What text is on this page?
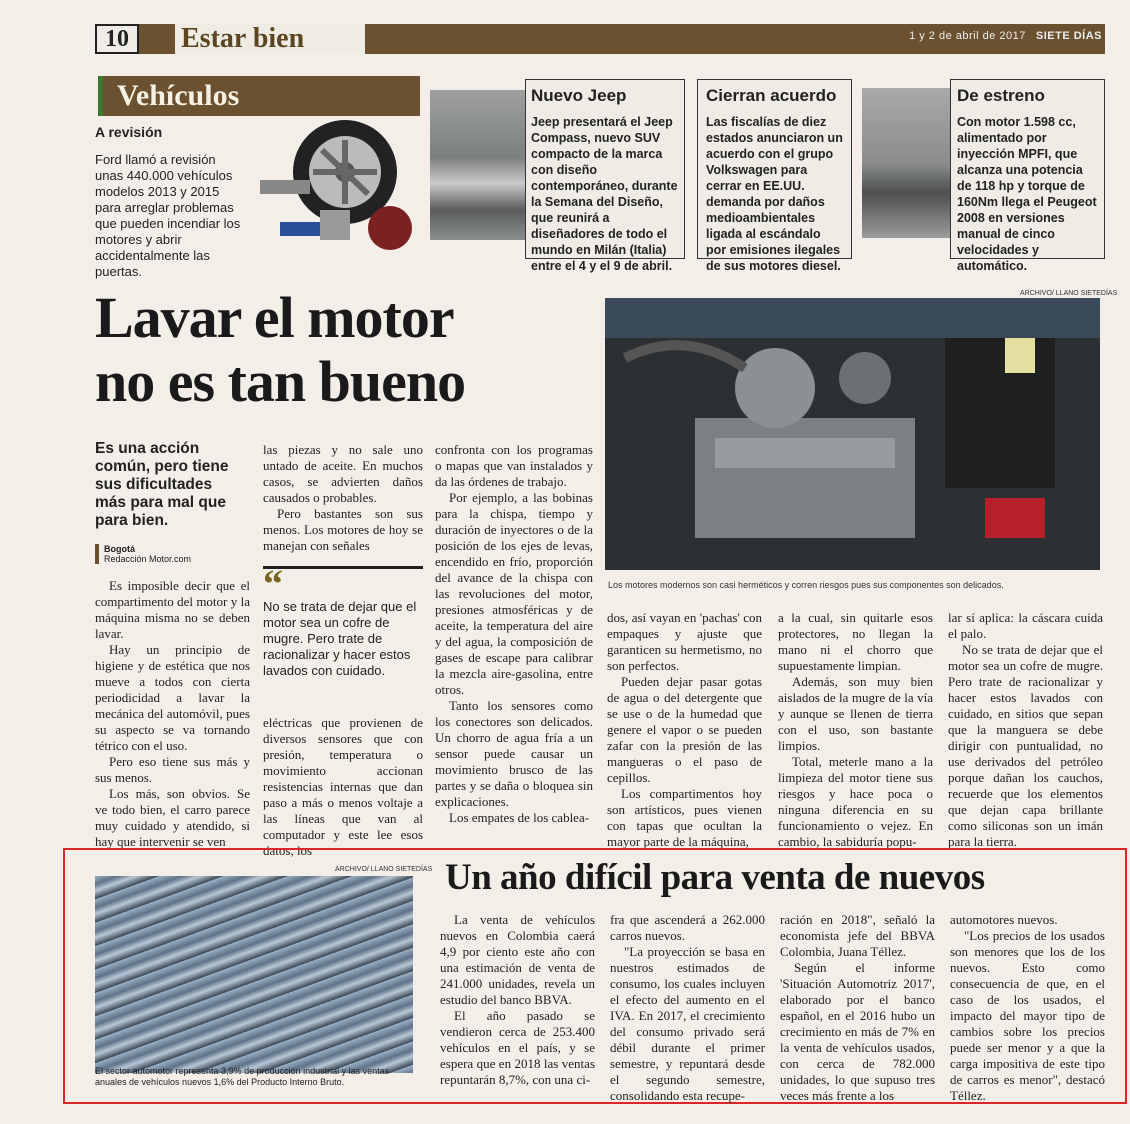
10	Estar bien	1 y 2 de abril de 2017 SIETE DÍAS
Vehículos
A revisión
Ford llamó a revisión unas 440.000 vehículos modelos 2013 y 2015 para arreglar problemas que pueden incendiar los motores y abrir accidentalmente las puertas.
Nuevo Jeep

Jeep presentará el Jeep Compass, nuevo SUV compacto de la marca con diseño contemporáneo, durante la Semana del Diseño, que reunirá a diseñadores de todo el mundo en Milán (Italia) entre el 4 y el 9 de abril.

Cierran acuerdo

Las fiscalías de diez estados anunciaron un acuerdo con el grupo Volkswagen para cerrar en EE.UU. demanda por daños medioambientales ligada al escándalo por emisiones ilegales de sus motores diesel.

De estreno

Con motor 1.598 cc, alimentado por inyección MPFI, que alcanza una potencia de 118 hp y torque de 160Nm llega el Peugeot 2008 en versiones manual de cinco velocidades y automático.

Lavar el motor
no es tan bueno
ARCHIVO/ LLANO SIETEDÍAS
Los motores modernos son casi herméticos y corren riesgos pues sus componentes son delicados.
Es una acción común, pero tiene sus dificultades más para mal que para bien.
Bogotá
Redacción Motor.com

Es imposible decir que el compartimento del motor y la máquina misma no se deben lavar.

Hay un principio de higiene y de estética que nos mueve a todos con cierta periodicidad a lavar la mecánica del automóvil, pues su aspecto se va tornando tétrico con el uso.

Pero eso tiene sus más y sus menos.

Los más, son obvios. Se ve todo bien, el carro parece muy cuidado y atendido, si hay que intervenir se ven

las piezas y no sale uno untado de aceite. En muchos casos, se advierten daños causados o probables.

Pero bastantes son sus menos. Los motores de hoy se manejan con señales

“
No se trata de dejar que el motor sea un cofre de mugre. Pero trate de racionalizar y hacer estos lavados con cuidado.

eléctricas que provienen de diversos sensores que con presión, temperatura o movimiento accionan resistencias internas que dan paso a más o menos voltaje a las líneas que van al computador y este lee esos datos, los

confronta con los programas o mapas que van instalados y da las órdenes de trabajo.

Por ejemplo, a las bobinas para la chispa, tiempo y duración de inyectores o de la posición de los ejes de levas, encendido en frío, proporción del avance de la chispa con las revoluciones del motor, presiones atmosféricas y de aceite, la temperatura del aire y del agua, la composición de gases de escape para calibrar la mezcla aire-gasolina, entre otros.

Tanto los sensores como los conectores son delicados. Un chorro de agua fría a un sensor puede causar un movimiento brusco de las partes y se daña o bloquea sin explicaciones.

Los empates de los cablea-

dos, así vayan en 'pachas' con empaques y ajuste que garanticen su hermetismo, no son perfectos.

Pueden dejar pasar gotas de agua o del detergente que se use o de la humedad que genere el vapor o se pueden zafar con la presión de las mangueras o el paso de cepillos.

Los compartimentos hoy son artísticos, pues vienen con tapas que ocultan la mayor parte de la máquina,

a la cual, sin quitarle esos protectores, no llegan la mano ni el chorro que supuestamente limpian.

Además, son muy bien aislados de la mugre de la vía y aunque se llenen de tierra con el uso, son bastante limpios.

Total, meterle mano a la limpieza del motor tiene sus riesgos y hace poca o ninguna diferencia en su funcionamiento o vejez. En cambio, la sabiduría popu-

lar sí aplica: la cáscara cuida el palo.

No se trata de dejar que el motor sea un cofre de mugre. Pero trate de racionalizar y hacer estos lavados con cuidado, en sitios que sepan que la manguera se debe dirigir con puntualidad, no use derivados del petróleo porque dañan los cauchos, recuerde que los elementos que dejan capa brillante como siliconas son un imán para la tierra.

ARCHIVO/ LLANO SIETEDÍAS
El sector automotor representa 3,9% de producción industrial y las ventas anuales de vehículos nuevos 1,6% del Producto Interno Bruto.
Un año difícil para venta de nuevos

La venta de vehículos nuevos en Colombia caerá 4,9 por ciento este año con una estimación de venta de 241.000 unidades, revela un estudio del banco BBVA.

El año pasado se vendieron cerca de 253.400 vehículos en el país, y se espera que en 2018 las ventas repuntarán 8,7%, con una ci-

fra que ascenderá a 262.000 carros nuevos.

"La proyección se basa en nuestros estimados de consumo, los cuales incluyen el efecto del aumento en el IVA. En 2017, el crecimiento del consumo privado será débil durante el primer semestre, y repuntará desde el segundo semestre, consolidando esta recupe-

ración en 2018", señaló la economista jefe del BBVA Colombia, Juana Téllez.

Según el informe 'Situación Automotriz 2017', elaborado por el banco español, en el 2016 hubo un crecimiento en más de 7% en la venta de vehículos usados, con cerca de 782.000 unidades, lo que supuso tres veces más frente a los

automotores nuevos.

"Los precios de los usados son menores que los de los nuevos. Esto como consecuencia de que, en el caso de los usados, el impacto del mayor tipo de cambios sobre los precios puede ser menor y a que la carga impositiva de este tipo de carros es menor", destacó Téllez.
